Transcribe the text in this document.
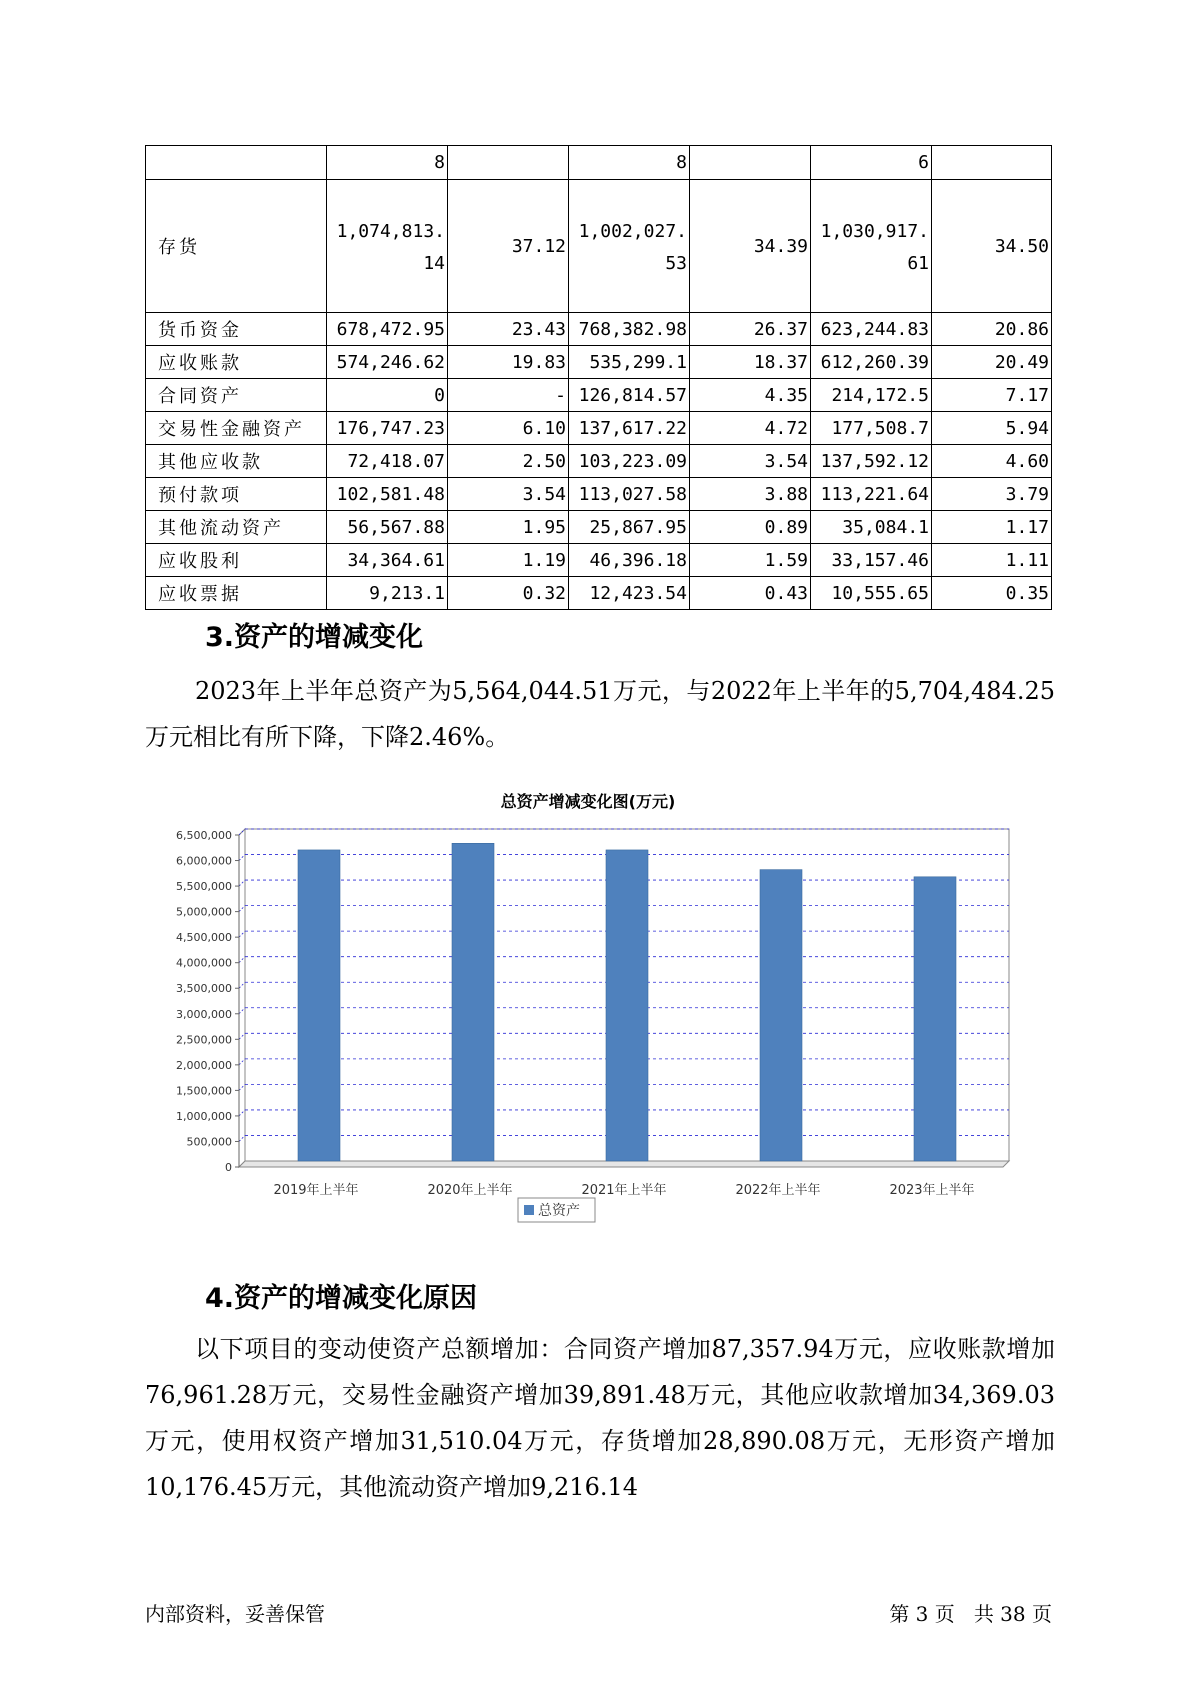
	8		8		6	
存货	1,074,813.14	37.12	1,002,027.53	34.39	1,030,917.61	34.50
货币资金	678,472.95	23.43	768,382.98	26.37	623,244.83	20.86
应收账款	574,246.62	19.83	535,299.1	18.37	612,260.39	20.49
合同资产	0	-	126,814.57	4.35	214,172.5	7.17
交易性金融资产	176,747.23	6.10	137,617.22	4.72	177,508.7	5.94
其他应收款	72,418.07	2.50	103,223.09	3.54	137,592.12	4.60
预付款项	102,581.48	3.54	113,027.58	3.88	113,221.64	3.79
其他流动资产	56,567.88	1.95	25,867.95	0.89	35,084.1	1.17
应收股利	34,364.61	1.19	46,396.18	1.59	33,157.46	1.11
应收票据	9,213.1	0.32	12,423.54	0.43	10,555.65	0.35
3.资产的增减变化

2023年上半年总资产为5,564,044.51万元，与2022年上半年的5,704,484.25万元相比有所下降，下降2.46%。

总资产增减变化图(万元)
0
500,000
1,000,000
1,500,000
2,000,000
2,500,000
3,000,000
3,500,000
4,000,000
4,500,000
5,000,000
5,500,000
6,000,000
6,500,000
2019年上半年	2020年上半年	2021年上半年	2022年上半年	2023年上半年
总资产
4.资产的增减变化原因

以下项目的变动使资产总额增加：合同资产增加87,357.94万元，应收账款增加76,961.28万元，交易性金融资产增加39,891.48万元，其他应收款增加34,369.03万元，使用权资产增加31,510.04万元，存货增加28,890.08万元，无形资产增加10,176.45万元，其他流动资产增加9,216.14

内部资料，妥善保管	第 3 页   共 38 页
